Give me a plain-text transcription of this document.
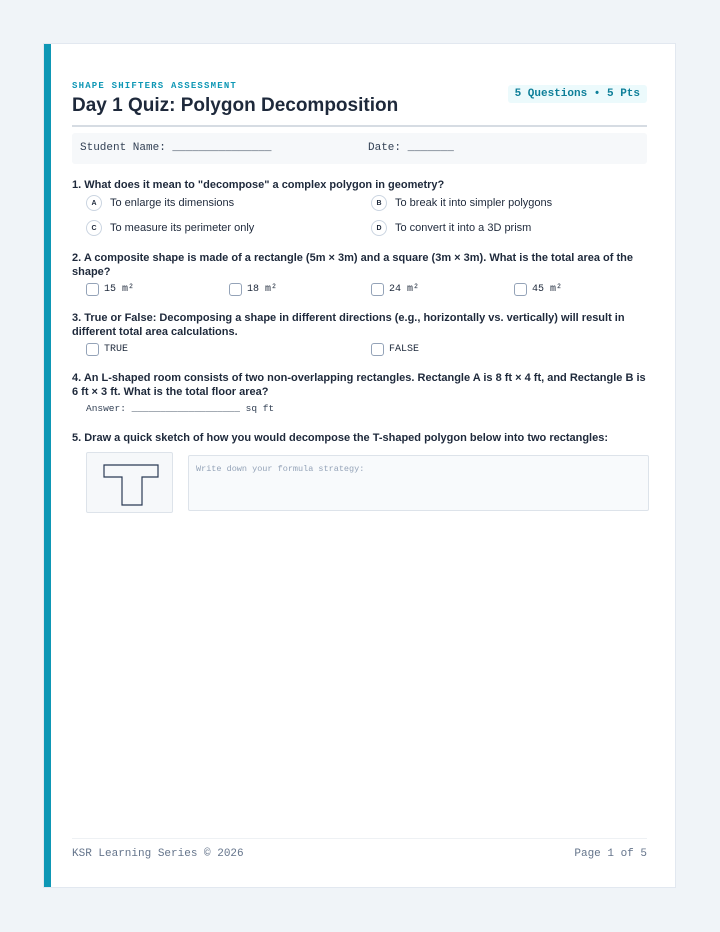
SHAPE SHIFTERS ASSESSMENT
Day 1 Quiz: Polygon Decomposition
5 Questions • 5 Pts
Student Name: _______________	Date: _______
1. What does it mean to "decompose" a complex polygon in geometry?
A	To enlarge its dimensions	B	To break it into simpler polygons
C	To measure its perimeter only	D	To convert it into a 3D prism
2. A composite shape is made of a rectangle (5m × 3m) and a square (3m × 3m). What is the total area of the shape?
15 m²	18 m²	24 m²	45 m²
3. True or False: Decomposing a shape in different directions (e.g., horizontally vs. vertically) will result in different total area calculations.
TRUE	FALSE
4. An L-shaped room consists of two non-overlapping rectangles. Rectangle A is 8 ft × 4 ft, and Rectangle B is 6 ft × 3 ft. What is the total floor area?
Answer: ___________________ sq ft
5. Draw a quick sketch of how you would decompose the T-shaped polygon below into two rectangles:
Write down your formula strategy:
KSR Learning Series © 2026	Page 1 of 5
